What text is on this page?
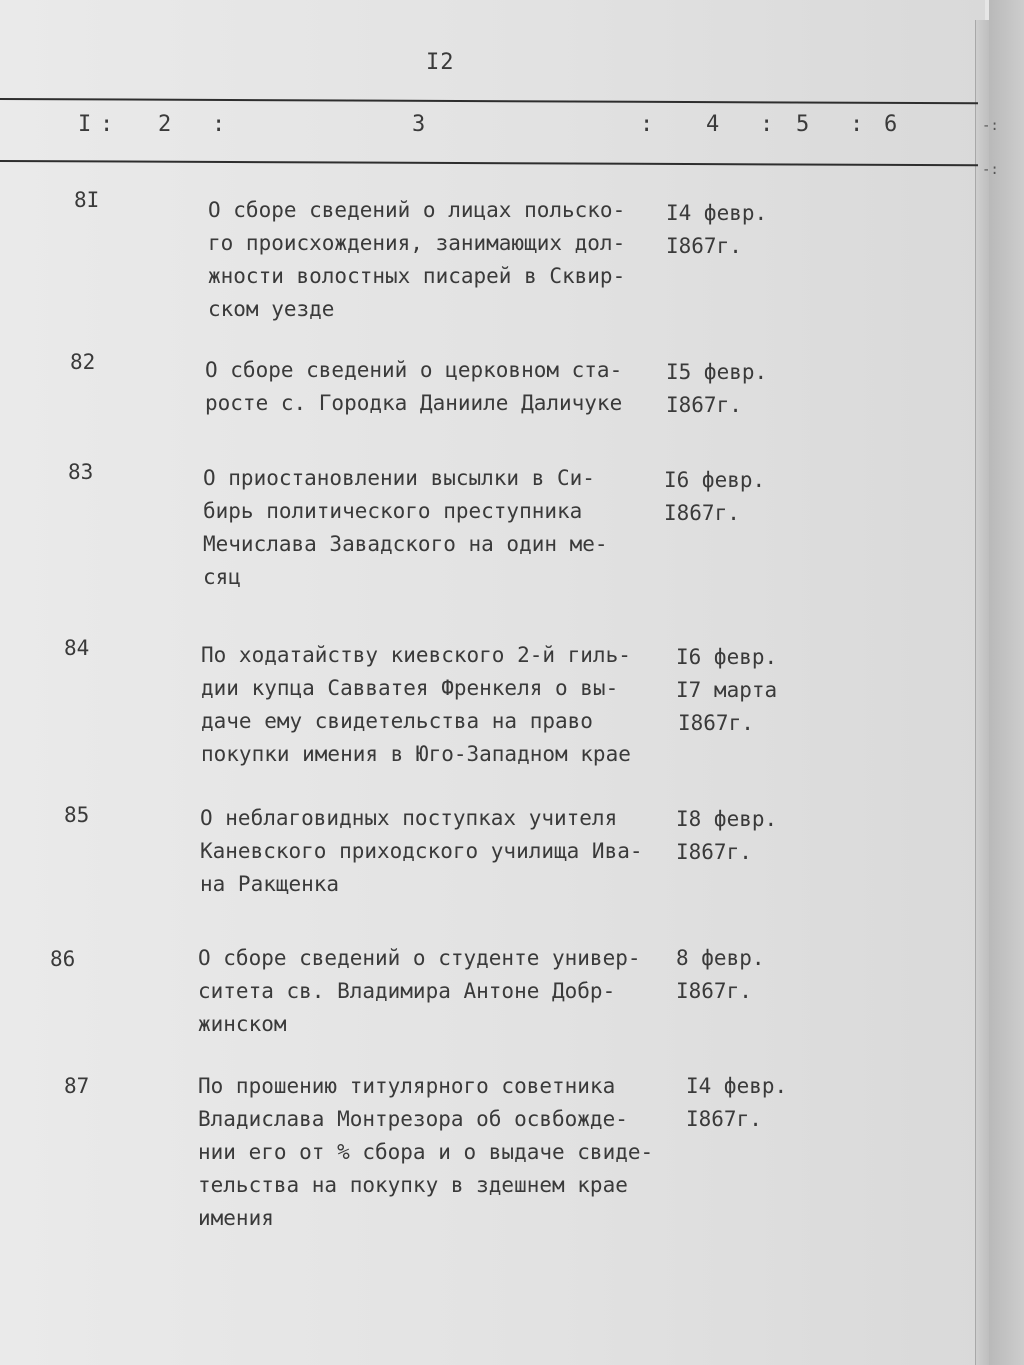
I2
I : 2 :	3	: 4 : 5 : 6	-:
-:
8I	О сборе сведений о лицах польско-
го происхождения, занимающих дол-
жности волостных писарей в Сквир-
ском уезде
I4 февр.
I867г.
82	О сборе сведений о церковном ста-
росте с. Городка Данииле Даличуке
I5 февр.
I867г.
83	О приостановлении высылки в Си-
бирь политического преступника
Мечислава Завадского на один ме-
сяц
I6 февр.
I867г.
84	По ходатайству киевского 2-й гиль-
дии купца Савватея Френкеля о вы-
даче ему свидетельства на право
покупки имения в Юго-Западном крае
I6 февр.
I7 марта
I867г.
85	О неблаговидных поступках учителя
Каневского приходского училища Ива-
на Ракщенка
I8 февр.
I867г.
86	О сборе сведений о студенте универ-
ситета св. Владимира Антоне Добр-
жинском
8 февр.
I867г.
87	По прошению титулярного советника
Владислава Монтрезора об освбожде-
нии его от % сбора и о выдаче свиде-
тельства на покупку в здешнем крае
имения
I4 февр.
I867г.
